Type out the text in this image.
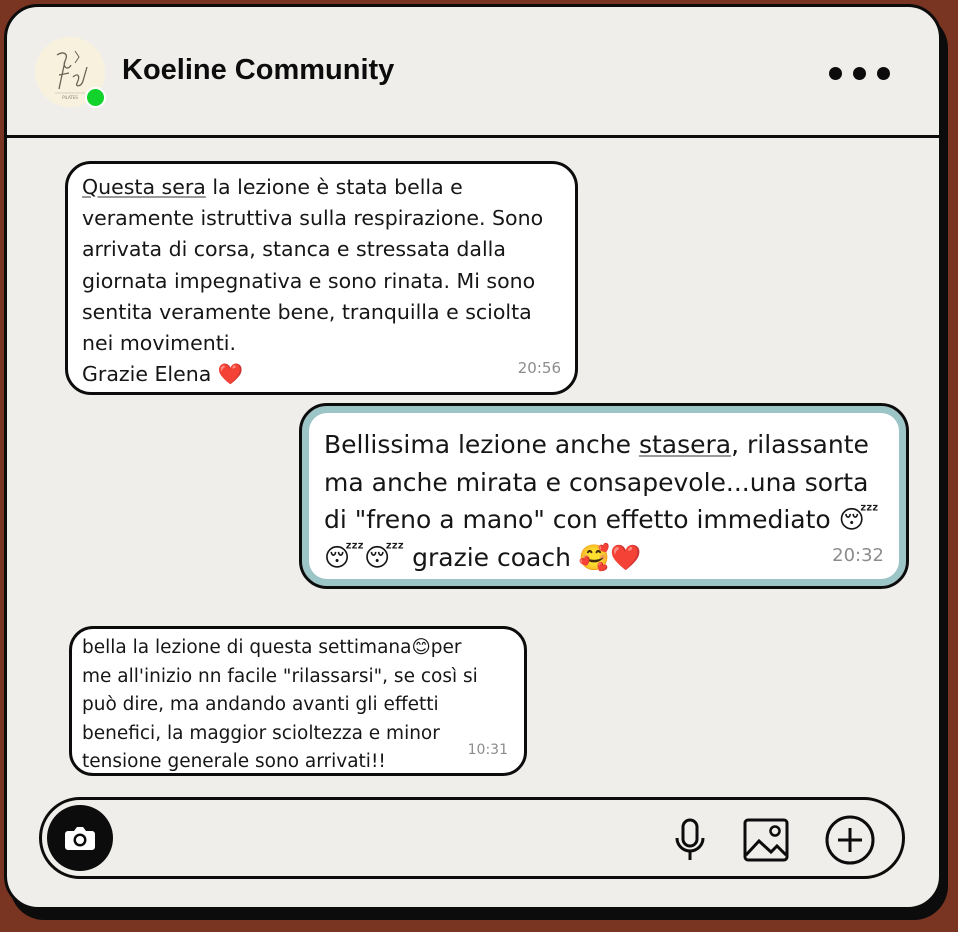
PILATES
Koeline Community
Questa sera la lezione è stata bella e
veramente istruttiva sulla respirazione. Sono
arrivata di corsa, stanca e stressata dalla
giornata impegnativa e sono rinata. Mi sono
sentita veramente bene, tranquilla e sciolta
nei movimenti.
Grazie Elena ❤️	20:56
Bellissima lezione anche stasera, rilassante
ma anche mirata e consapevole...una sorta
di "freno a mano" con effetto immediato 😴
😴😴 grazie coach 🥰❤️	20:32
bella la lezione di questa settimana😊per
me all'inizio nn facile "rilassarsi", se così si
può dire, ma andando avanti gli effetti
benefici, la maggior scioltezza e minor
tensione generale sono arrivati!!
10:31
